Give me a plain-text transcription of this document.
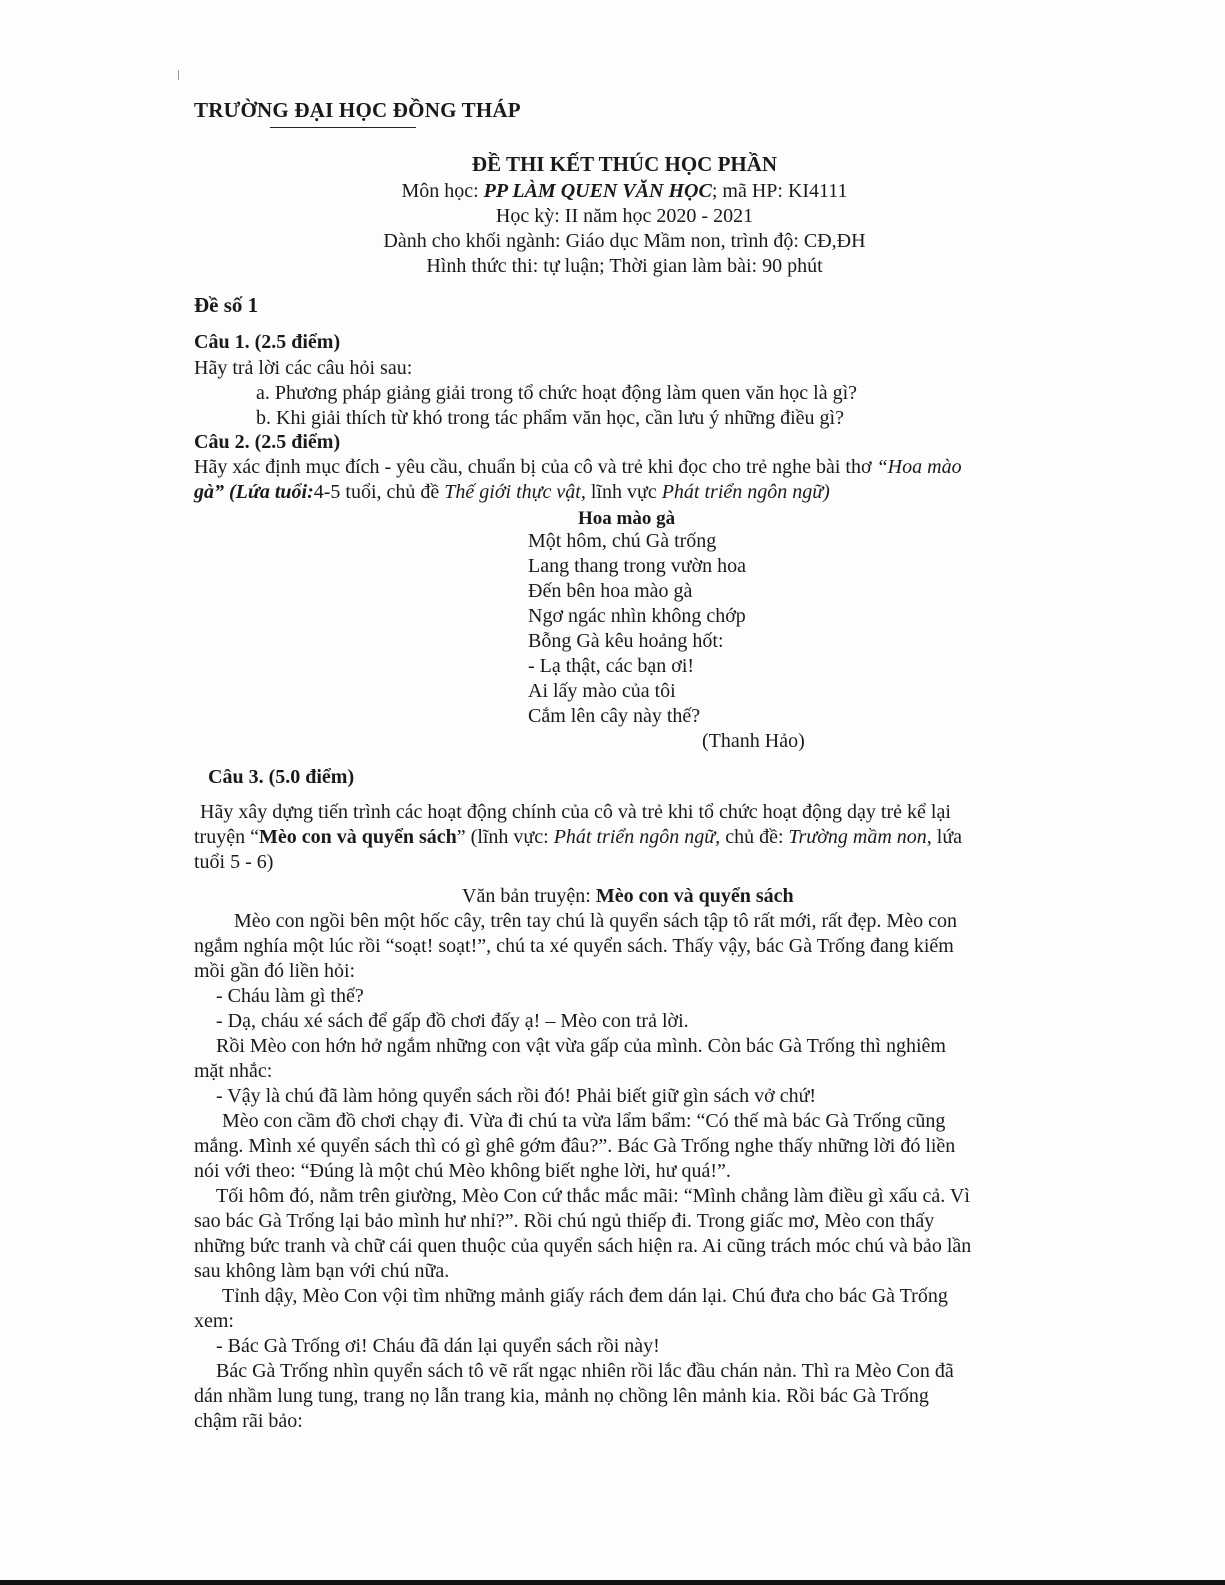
TRƯỜNG ĐẠI HỌC ĐỒNG THÁP
ĐỀ THI KẾT THÚC HỌC PHẦN
Môn học: PP LÀM QUEN VĂN HỌC; mã HP: KI4111
Học kỳ: II năm học 2020 - 2021
Dành cho khối ngành: Giáo dục Mầm non, trình độ: CĐ,ĐH
Hình thức thi: tự luận; Thời gian làm bài: 90 phút
Đề số 1
Câu 1. (2.5 điểm)
Hãy trả lời các câu hỏi sau:
a. Phương pháp giảng giải trong tổ chức hoạt động làm quen văn học là gì?
b. Khi giải thích từ khó trong tác phẩm văn học, cần lưu ý những điều gì?
Câu 2. (2.5 điểm)
Hãy xác định mục đích - yêu cầu, chuẩn bị của cô và trẻ khi đọc cho trẻ nghe bài thơ “Hoa mào
gà” (Lứa tuổi:4-5 tuổi, chủ đề Thế giới thực vật, lĩnh vực Phát triển ngôn ngữ)
Hoa mào gà
Một hôm, chú Gà trống
Lang thang trong vườn hoa
Đến bên hoa mào gà
Ngơ ngác nhìn không chớp
Bỗng Gà kêu hoảng hốt:
- Lạ thật, các bạn ơi!
Ai lấy mào của tôi
Cắm lên cây này thế?
(Thanh Hảo)
Câu 3. (5.0 điểm)
Hãy xây dựng tiến trình các hoạt động chính của cô và trẻ khi tổ chức hoạt động dạy trẻ kể lại
truyện “Mèo con và quyển sách” (lĩnh vực: Phát triển ngôn ngữ, chủ đề: Trường mầm non, lứa
tuổi 5 - 6)
Văn bản truyện: Mèo con và quyển sách
Mèo con ngồi bên một hốc cây, trên tay chú là quyển sách tập tô rất mới, rất đẹp. Mèo con
ngắm nghía một lúc rồi “soạt! soạt!”, chú ta xé quyển sách. Thấy vậy, bác Gà Trống đang kiếm
mồi gần đó liền hỏi:
- Cháu làm gì thế?
- Dạ, cháu xé sách để gấp đồ chơi đấy ạ! – Mèo con trả lời.
Rồi Mèo con hớn hở ngắm những con vật vừa gấp của mình. Còn bác Gà Trống thì nghiêm
mặt nhắc:
- Vậy là chú đã làm hỏng quyển sách rồi đó! Phải biết giữ gìn sách vở chứ!
Mèo con cầm đồ chơi chạy đi. Vừa đi chú ta vừa lẩm bẩm: “Có thế mà bác Gà Trống cũng
mắng. Mình xé quyển sách thì có gì ghê gớm đâu?”. Bác Gà Trống nghe thấy những lời đó liền
nói với theo: “Đúng là một chú Mèo không biết nghe lời, hư quá!”.
Tối hôm đó, nằm trên giường, Mèo Con cứ thắc mắc mãi: “Mình chẳng làm điều gì xấu cả. Vì
sao bác Gà Trống lại bảo mình hư nhỉ?”. Rồi chú ngủ thiếp đi. Trong giấc mơ, Mèo con thấy
những bức tranh và chữ cái quen thuộc của quyển sách hiện ra. Ai cũng trách móc chú và bảo lần
sau không làm bạn với chú nữa.
Tỉnh dậy, Mèo Con vội tìm những mảnh giấy rách đem dán lại. Chú đưa cho bác Gà Trống
xem:
- Bác Gà Trống ơi! Cháu đã dán lại quyển sách rồi này!
Bác Gà Trống nhìn quyển sách tô vẽ rất ngạc nhiên rồi lắc đầu chán nản. Thì ra Mèo Con đã
dán nhầm lung tung, trang nọ lẫn trang kia, mảnh nọ chồng lên mảnh kia. Rồi bác Gà Trống
chậm rãi bảo:
